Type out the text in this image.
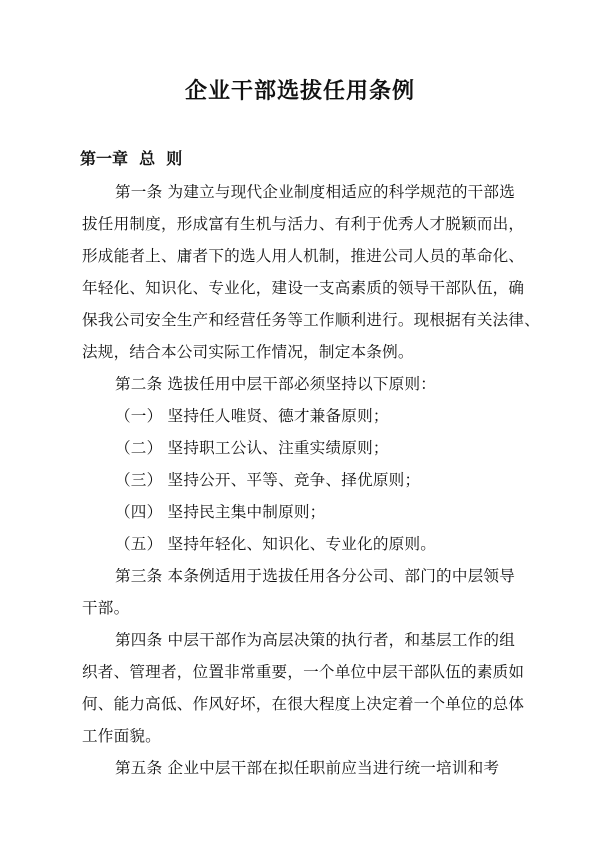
企业干部选拔任用条例
第一章  总  则
第一条 为建立与现代企业制度相适应的科学规范的干部选
拔任用制度，形成富有生机与活力、有利于优秀人才脱颖而出，
形成能者上、庸者下的选人用人机制，推进公司人员的革命化、
年轻化、知识化、专业化，建设一支高素质的领导干部队伍，确
保我公司安全生产和经营任务等工作顺利进行。现根据有关法律、
法规，结合本公司实际工作情况，制定本条例。
第二条 选拔任用中层干部必须坚持以下原则：
（一） 坚持任人唯贤、德才兼备原则；
（二） 坚持职工公认、注重实绩原则；
（三） 坚持公开、平等、竞争、择优原则；
（四） 坚持民主集中制原则；
（五） 坚持年轻化、知识化、专业化的原则。
第三条 本条例适用于选拔任用各分公司、部门的中层领导
干部。
第四条 中层干部作为高层决策的执行者，和基层工作的组
织者、管理者，位置非常重要，一个单位中层干部队伍的素质如
何、能力高低、作风好坏，在很大程度上决定着一个单位的总体
工作面貌。
第五条 企业中层干部在拟任职前应当进行统一培训和考
